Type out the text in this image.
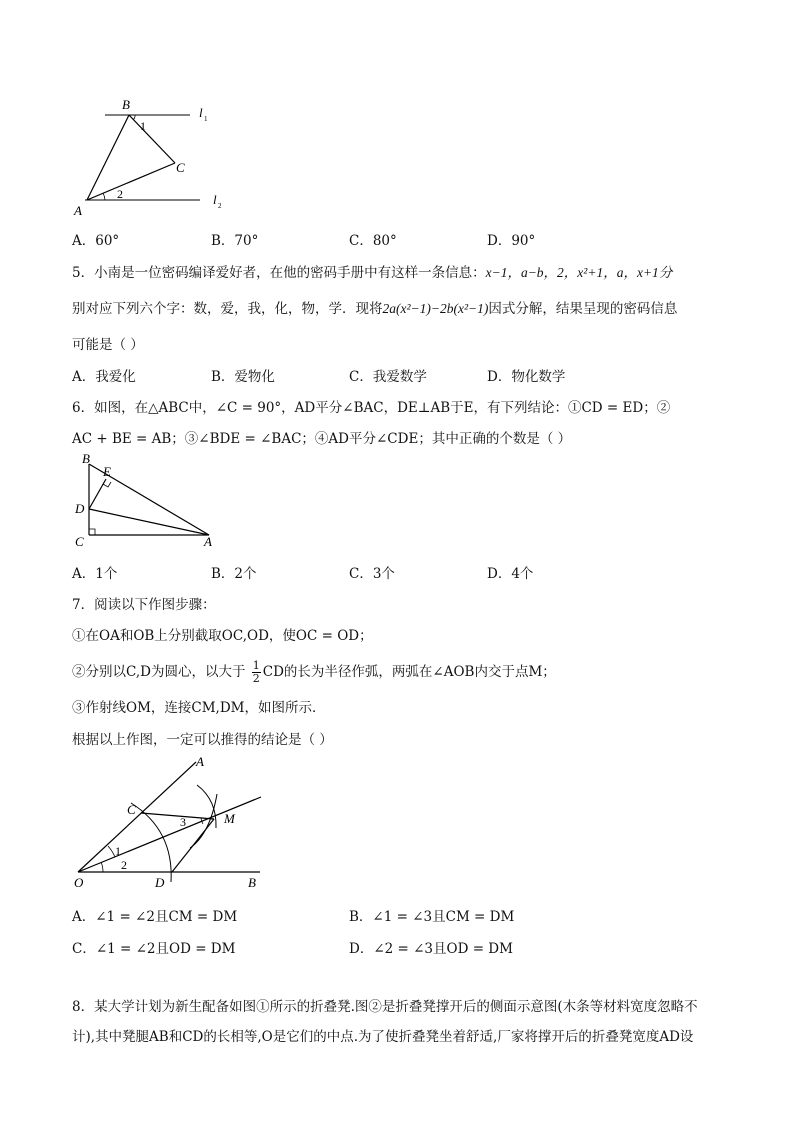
B
1
C
2
A
l 1
l 2
A．60°	B．70°	C．80°	D．90°
5．小南是一位密码编译爱好者，在他的密码手册中有这样一条信息：x−1，a−b，2，x²+1，a，x+1分
别对应下列六个字：数，爱，我，化，物，学．现将2a(x²−1)−2b(x²−1)因式分解，结果呈现的密码信息
可能是（ ）
A．我爱化	B．爱物化	C．我爱数学	D．物化数学
6．如图，在△ABC中，∠C = 90°，AD平分∠BAC，DE⊥AB于E，有下列结论：①CD = ED；②
AC + BE = AB；③∠BDE = ∠BAC；④AD平分∠CDE；其中正确的个数是（ ）
B
E
D
C	A
A．1个	B．2个	C．3个	D．4个
7．阅读以下作图步骤：
①在OA和OB上分别截取OC,OD，使OC = OD；
②分别以C,D为圆心，以大于 $\frac{1}{2}$ CD的长为半径作弧，两弧在∠AOB内交于点M；
③作射线OM，连接CM,DM，如图所示．
根据以上作图，一定可以推得的结论是（ ）
A
C
3	M
1
2
O	D	B
A．∠1 = ∠2且CM = DM	B．∠1 = ∠3且CM = DM
C．∠1 = ∠2且OD = DM	D．∠2 = ∠3且OD = DM
8．某大学计划为新生配备如图①所示的折叠凳.图②是折叠凳撑开后的侧面示意图(木条等材料宽度忽略不
计),其中凳腿AB和CD的长相等,O是它们的中点.为了使折叠凳坐着舒适,厂家将撑开后的折叠凳宽度AD设
